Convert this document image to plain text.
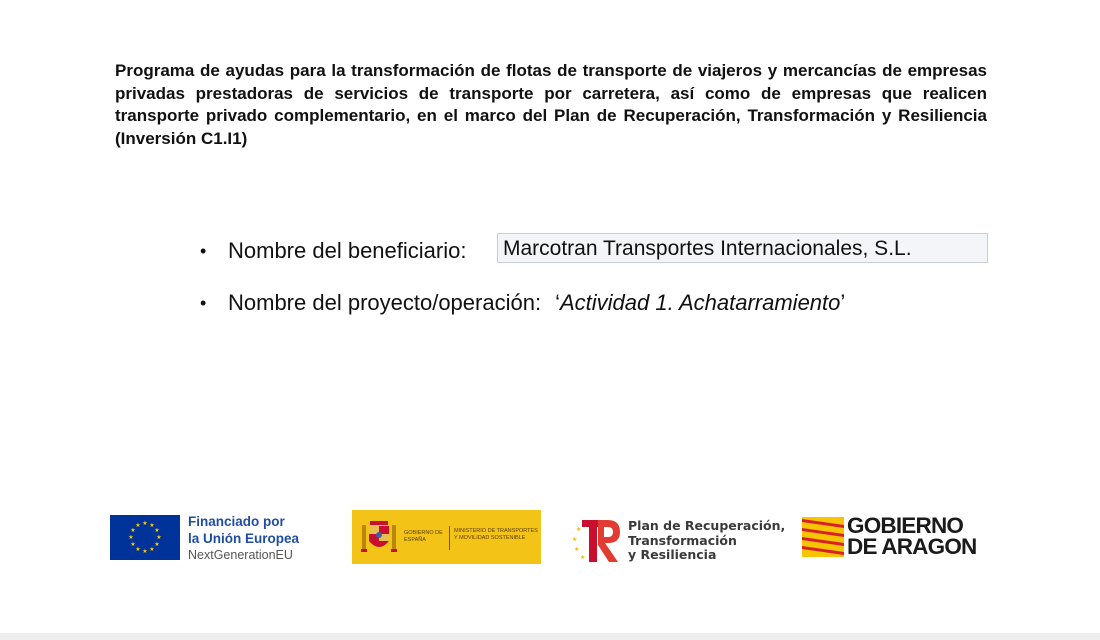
Programa de ayudas para la transformación de flotas de transporte de viajeros y mercancías de empresas privadas prestadoras de servicios de transporte por carretera, así como de empresas que realicen transporte privado complementario, en el marco del Plan de Recuperación, Transformación y Resiliencia (Inversión C1.I1)
• Nombre del beneficiario: Marcotran Transportes Internacionales, S.L.
• Nombre del proyecto/operación: ‘ Actividad 1. Achatarramiento ’
★ ★
★
★
★
★
★
★
★
★
★
★	Financiado por
la Unión Europea
NextGenerationEU
GOBIERNO DE ESPAÑA
MINISTERIO DE TRANSPORTES Y MOVILIDAD SOSTENIBLE
★
★
★
★
Plan de Recuperación,
Transformación
y Resiliencia
GOBIERNO
DE ARAGON
